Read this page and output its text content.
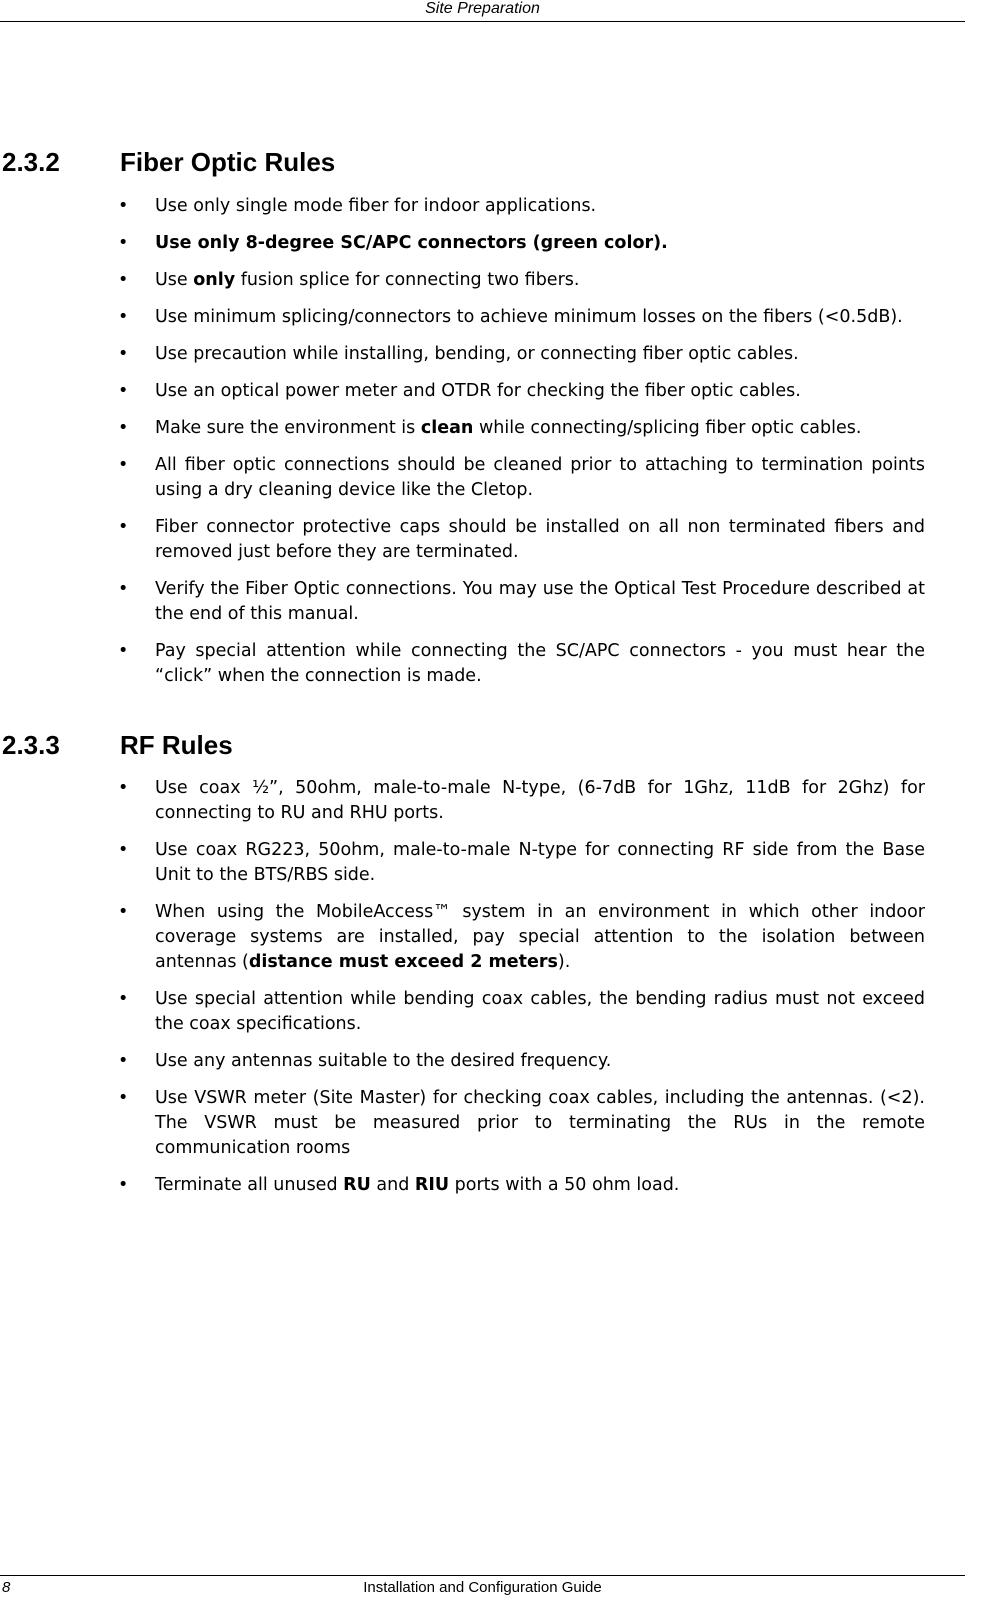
Site Preparation
2.3.2 Fiber Optic Rules
• Use only single mode fiber for indoor applications.
• Use only 8-degree SC/APC connectors (green color).
• Use only fusion splice for connecting two fibers.
• Use minimum splicing/connectors to achieve minimum losses on the fibers (<0.5dB).
• Use precaution while installing, bending, or connecting fiber optic cables.
• Use an optical power meter and OTDR for checking the fiber optic cables.
• Make sure the environment is clean while connecting/splicing fiber optic cables.
• All fiber optic connections should be cleaned prior to attaching to termination points using a dry cleaning device like the Cletop.
• Fiber connector protective caps should be installed on all non terminated fibers and removed just before they are terminated.
• Verify the Fiber Optic connections. You may use the Optical Test Procedure described at the end of this manual.
• Pay special attention while connecting the SC/APC connectors - you must hear the “click” when the connection is made.
2.3.3 RF Rules
• Use coax ½”, 50ohm, male-to-male N-type, (6-7dB for 1Ghz, 11dB for 2Ghz) for connecting to RU and RHU ports.
• Use coax RG223, 50ohm, male-to-male N-type for connecting RF side from the Base Unit to the BTS/RBS side.
• When using the MobileAccess™ system in an environment in which other indoor coverage systems are installed, pay special attention to the isolation between antennas (distance must exceed 2 meters).
• Use special attention while bending coax cables, the bending radius must not exceed the coax specifications.
• Use any antennas suitable to the desired frequency.
• Use VSWR meter (Site Master) for checking coax cables, including the antennas. (<2). The VSWR must be measured prior to terminating the RUs in the remote communication rooms
• Terminate all unused RU and RIU ports with a 50 ohm load.
8	Installation and Configuration Guide
